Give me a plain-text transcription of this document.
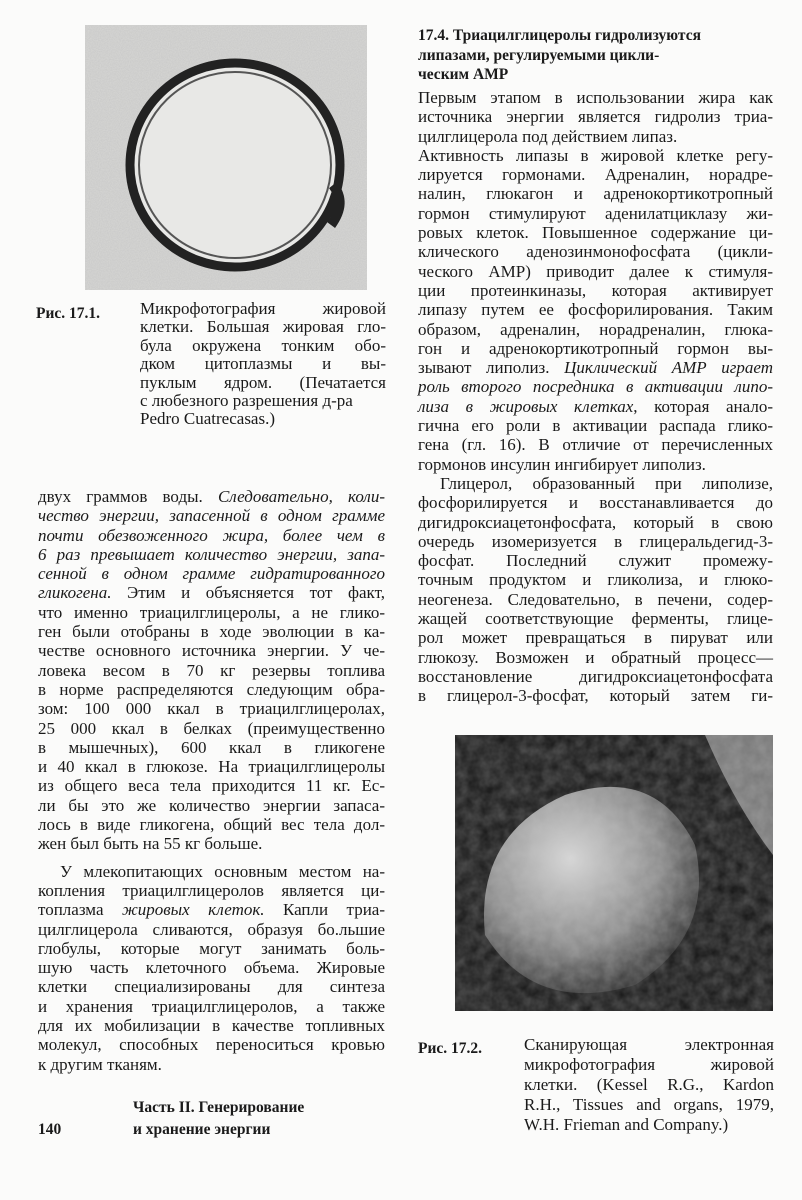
Рис. 17.1. Микрофотография жировой
клетки. Большая жировая гло-
була окружена тонким обо-
дком цитоплазмы и вы-
пуклым ядром. (Печатается
с любезного разрешения д-ра
Pedro Cuatrecasas.)
двух граммов воды. Следовательно, коли-
чество энергии, запасенной в одном грамме
почти обезвоженного жира, более чем в
6 раз превышает количество энергии, запа-
сенной в одном грамме гидратированного
гликогена. Этим и объясняется тот факт,
что именно триацилглицеролы, а не глико-
ген были отобраны в ходе эволюции в ка-
честве основного источника энергии. У че-
ловека весом в 70 кг резервы топлива
в норме распределяются следующим обра-
зом: 100 000 ккал в триацилглицеролах,
25 000 ккал в белках (преимущественно
в мышечных), 600 ккал в гликогене
и 40 ккал в глюкозе. На триацилглицеролы
из общего веса тела приходится 11 кг. Ес-
ли бы это же количество энергии запаса-
лось в виде гликогена, общий вес тела дол-
жен был быть на 55 кг больше.
У млекопитающих основным местом на-
копления триацилглицеролов является ци-
топлазма жировых клеток. Капли триа-
цилглицерола сливаются, образуя бо.льшие
глобулы, которые могут занимать боль-
шую часть клеточного объема. Жировые
клетки специализированы для синтеза
и хранения триацилглицеролов, а также
для их мобилизации в качестве топливных
молекул, способных переноситься кровью
к другим тканям.
Часть II. Генерирование
и хранение энергии
140
17.4. Триацилглицеролы гидролизуются
липазами, регулируемыми цикли-
ческим АМР
Первым этапом в использовании жира как
источника энергии является гидролиз триа-
цилглицерола под действием липаз.
Активность липазы в жировой клетке регу-
лируется гормонами. Адреналин, норадре-
налин, глюкагон и адренокортикотропный
гормон стимулируют аденилатциклазу жи-
ровых клеток. Повышенное содержание ци-
клического аденозинмонофосфата (цикли-
ческого АМР) приводит далее к стимуля-
ции протеинкиназы, которая активирует
липазу путем ее фосфорилирования. Таким
образом, адреналин, норадреналин, глюка-
гон и адренокортикотропный гормон вы-
зывают липолиз. Циклический АМР играет
роль второго посредника в активации липо-
лиза в жировых клетках, которая анало-
гична его роли в активации распада глико-
гена (гл. 16). В отличие от перечисленных
гормонов инсулин ингибирует липолиз.
Глицерол, образованный при липолизе,
фосфорилируется и восстанавливается до
дигидроксиацетонфосфата, который в свою
очередь изомеризуется в глицеральдегид-3-
фосфат. Последний служит промежу-
точным продуктом и гликолиза, и глюко-
неогенеза. Следовательно, в печени, содер-
жащей соответствующие ферменты, глице-
рол может превращаться в пируват или
глюкозу. Возможен и обратный процесс—
восстановление дигидроксиацетонфосфата
в глицерол-3-фосфат, который затем ги-
Рис. 17.2. Сканирующая электронная
микрофотография жировой
клетки. (Kessel R.G., Kardon
R.H., Tissues and organs, 1979,
W.H. Frieman and Company.)
